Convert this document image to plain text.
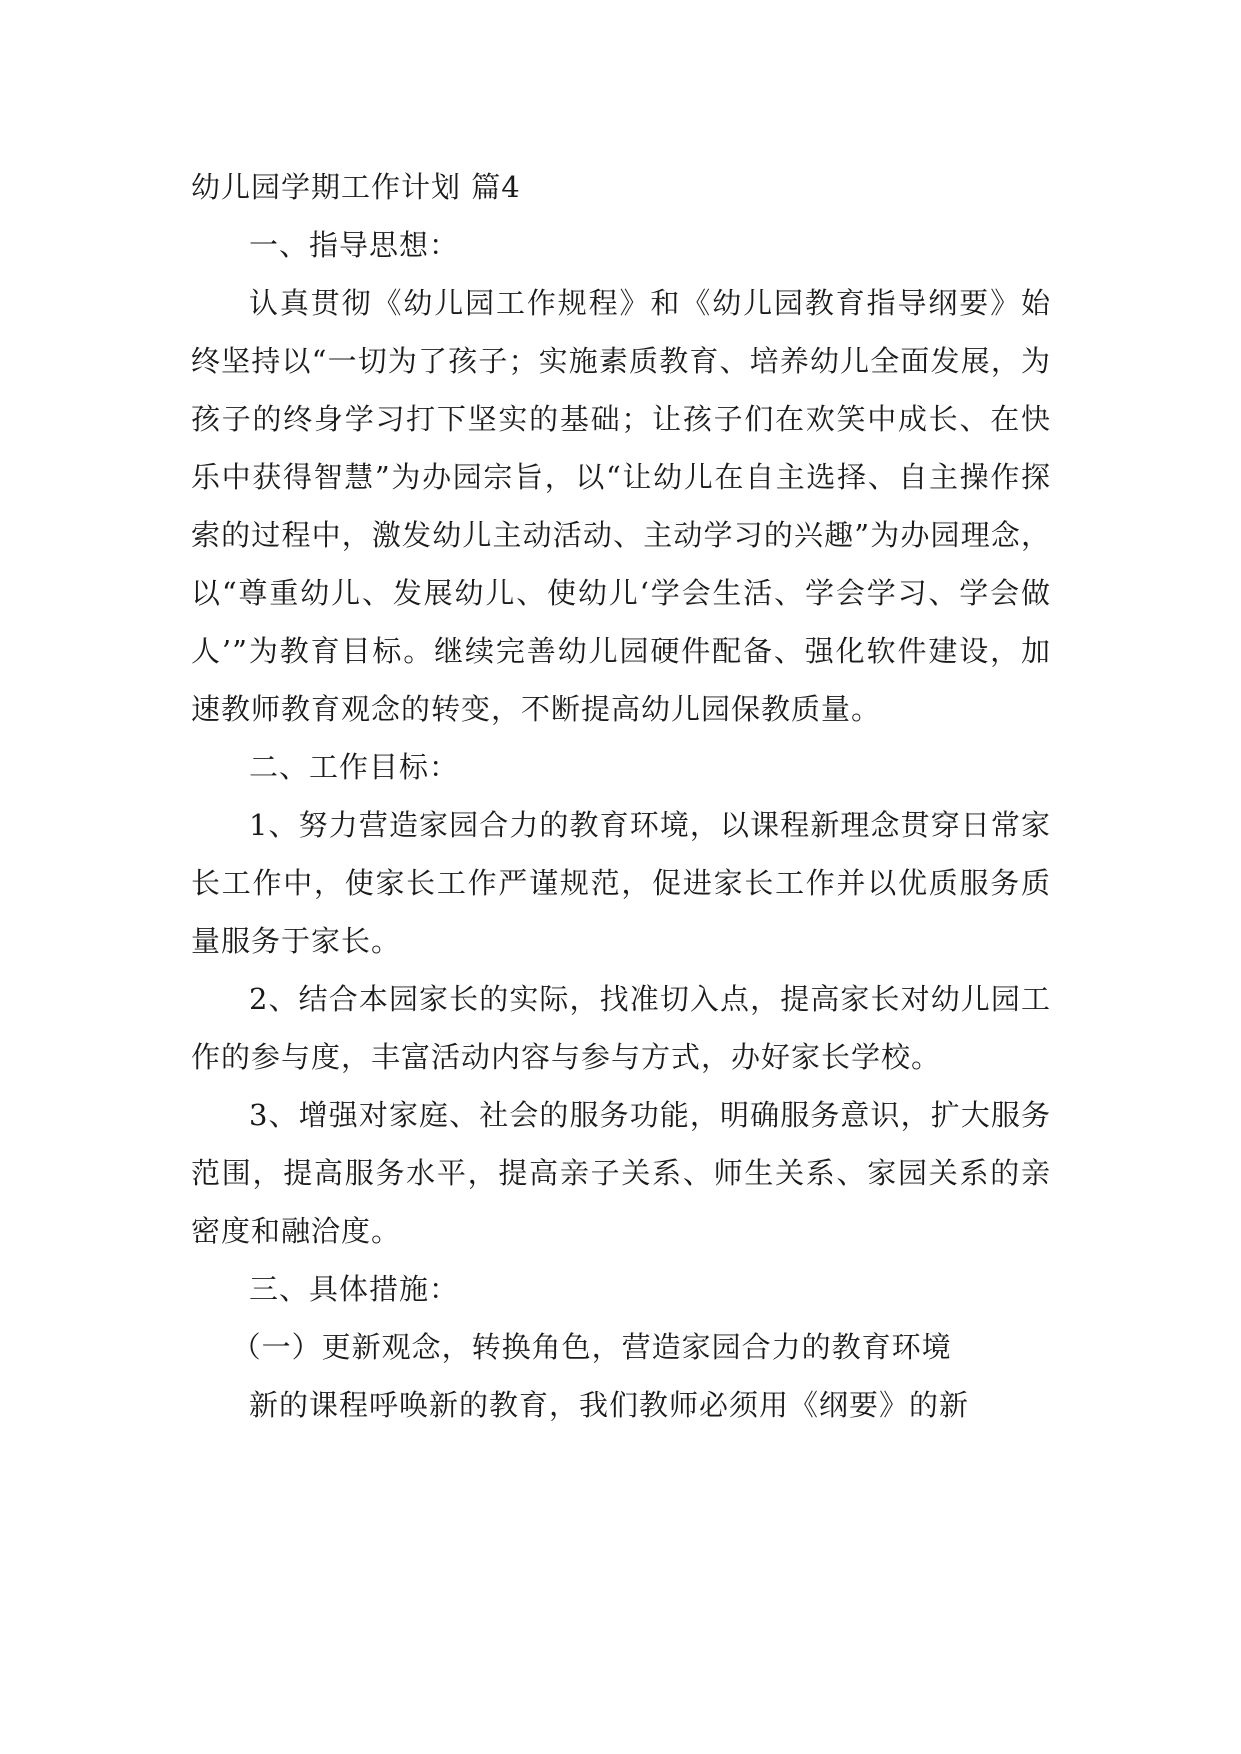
幼儿园学期工作计划 篇4

一、指导思想：

认真贯彻《幼儿园工作规程》和《幼儿园教育指导纲要》始终坚持以“一切为了孩子；实施素质教育、培养幼儿全面发展，为孩子的终身学习打下坚实的基础；让孩子们在欢笑中成长、在快乐中获得智慧”为办园宗旨，以“让幼儿在自主选择、自主操作探索的过程中，激发幼儿主动活动、主动学习的兴趣”为办园理念，以“尊重幼儿、发展幼儿、使幼儿‘学会生活、学会学习、学会做人’”为教育目标。继续完善幼儿园硬件配备、强化软件建设，加速教师教育观念的转变，不断提高幼儿园保教质量。

二、工作目标：

1、努力营造家园合力的教育环境，以课程新理念贯穿日常家长工作中，使家长工作严谨规范，促进家长工作并以优质服务质量服务于家长。

2、结合本园家长的实际，找准切入点，提高家长对幼儿园工作的参与度，丰富活动内容与参与方式，办好家长学校。

3、增强对家庭、社会的服务功能，明确服务意识，扩大服务范围，提高服务水平，提高亲子关系、师生关系、家园关系的亲密度和融洽度。

三、具体措施：

（一）更新观念，转换角色，营造家园合力的教育环境

新的课程呼唤新的教育，我们教师必须用《纲要》的新
